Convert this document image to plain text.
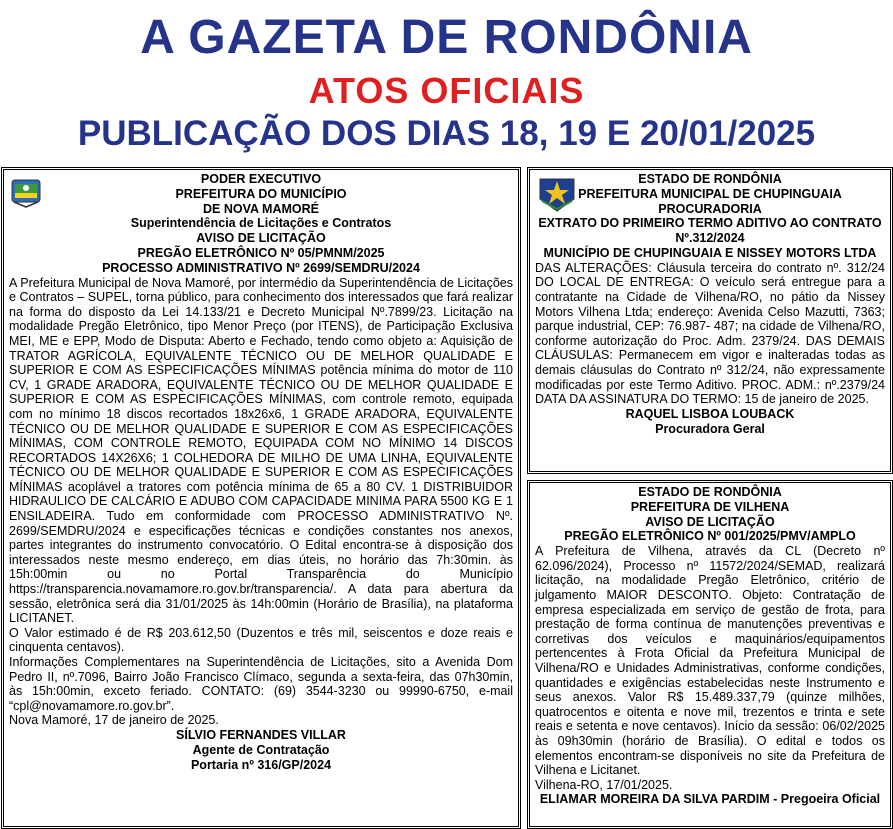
A GAZETA DE RONDÔNIA
ATOS OFICIAIS
PUBLICAÇÃO DOS DIAS 18, 19 E 20/01/2025
PODER EXECUTIVO
PREFEITURA DO MUNICÍPIO
DE NOVA MAMORÉ
Superintendência de Licitações e Contratos
AVISO DE LICITAÇÃO
PREGÃO ELETRÔNICO Nº 05/PMNM/2025
PROCESSO ADMINISTRATIVO Nº 2699/SEMDRU/2024

A Prefeitura Municipal de Nova Mamoré, por intermédio da Superintendência de Licitações e Contratos – SUPEL, torna público, para conhecimento dos interessados que fará realizar na forma do disposto da Lei 14.133/21 e Decreto Municipal Nº.7899/23. Licitação na modalidade Pregão Eletrônico, tipo Menor Preço (por ITENS), de Participação Exclusiva MEI, ME e EPP, Modo de Disputa: Aberto e Fechado, tendo como objeto a: Aquisição de TRATOR AGRÍCOLA, EQUIVALENTE TÉCNICO OU DE MELHOR QUALIDADE E SUPERIOR E COM AS ESPECIFICAÇÕES MÍNIMAS potência mínima do motor de 110 CV, 1 GRADE ARADORA, EQUIVALENTE TÉCNICO OU DE MELHOR QUALIDADE E SUPERIOR E COM AS ESPECIFICAÇÕES MÍNIMAS, com controle remoto, equipada com no mínimo 18 discos recortados 18x26x6, 1 GRADE ARADORA, EQUIVALENTE TÉCNICO OU DE MELHOR QUALIDADE E SUPERIOR E COM AS ESPECIFICAÇÕES MÍNIMAS, COM CONTROLE REMOTO, EQUIPADA COM NO MÍNIMO 14 DISCOS RECORTADOS 14X26X6; 1 COLHEDORA DE MILHO DE UMA LINHA, EQUIVALENTE TÉCNICO OU DE MELHOR QUALIDADE E SUPERIOR E COM AS ESPECIFICAÇÕES MÍNIMAS acoplável a tratores com potência mínima de 65 a 80 CV. 1 DISTRIBUIDOR HIDRAULICO DE CALCÁRIO E ADUBO COM CAPACIDADE MINIMA PARA 5500 KG E 1 ENSILADEIRA. Tudo em conformidade com PROCESSO ADMINISTRATIVO Nº. 2699/SEMDRU/2024 e especificações técnicas e condições constantes nos anexos, partes integrantes do instrumento convocatório. O Edital encontra-se à disposição dos interessados neste mesmo endereço, em dias úteis, no horário das 7h:30min. às 15h:00min ou no Portal Transparência do Município https://transparencia.novamamore.ro.gov.br/transparencia/. A data para abertura da sessão, eletrônica será dia 31/01/2025 às 14h:00min (Horário de Brasília), na plataforma LICITANET.

O Valor estimado é de R$ 203.612,50 (Duzentos e três mil, seiscentos e doze reais e cinquenta centavos).

Informações Complementares na Superintendência de Licitações, sito a Avenida Dom Pedro II, nº.7096, Bairro João Francisco Clímaco, segunda a sexta-feira, das 07h30min, às 15h:00min, exceto feriado. CONTATO: (69) 3544-3230 ou 99990-6750, e-mail “cpl@novamamore.ro.gov.br”.

Nova Mamoré, 17 de janeiro de 2025.

SÍLVIO FERNANDES VILLAR
Agente de Contratação
Portaria nº 316/GP/2024
ESTADO DE RONDÔNIA
PREFEITURA MUNICIPAL DE CHUPINGUAIA
PROCURADORIA
EXTRATO DO PRIMEIRO TERMO ADITIVO AO CONTRATO Nº.312/2024
MUNICÍPIO DE CHUPINGUAIA E NISSEY MOTORS LTDA

DAS ALTERAÇÕES: Cláusula terceira do contrato nº. 312/24 DO LOCAL DE ENTREGA: O veículo será entregue para a contratante na Cidade de Vilhena/RO, no pátio da Nissey Motors Vilhena Ltda; endereço: Avenida Celso Mazutti, 7363; parque industrial, CEP: 76.987- 487; na cidade de Vilhena/RO, conforme autorização do Proc. Adm. 2379/24. DAS DEMAIS CLÁUSULAS: Permanecem em vigor e inalteradas todas as demais cláusulas do Contrato nº 312/24, não expressamente modificadas por este Termo Aditivo. PROC. ADM.: nº.2379/24 DATA DA ASSINATURA DO TERMO: 15 de janeiro de 2025.

RAQUEL LISBOA LOUBACK
Procuradora Geral
ESTADO DE RONDÔNIA
PREFEITURA DE VILHENA
AVISO DE LICITAÇÃO
PREGÃO ELETRÔNICO Nº 001/2025/PMV/AMPLO

A Prefeitura de Vilhena, através da CL (Decreto nº 62.096/2024), Processo nº 11572/2024/SEMAD, realizará licitação, na modalidade Pregão Eletrônico, critério de julgamento MAIOR DESCONTO. Objeto: Contratação de empresa especializada em serviço de gestão de frota, para prestação de forma contínua de manutenções preventivas e corretivas dos veículos e maquinários/equipamentos pertencentes à Frota Oficial da Prefeitura Municipal de Vilhena/RO e Unidades Administrativas, conforme condições, quantidades e exigências estabelecidas neste Instrumento e seus anexos. Valor R$ 15.489.337,79 (quinze milhões, quatrocentos e oitenta e nove mil, trezentos e trinta e sete reais e setenta e nove centavos). Início da sessão: 06/02/2025 às 09h30min (horário de Brasília). O edital e todos os elementos encontram-se disponíveis no site da Prefeitura de Vilhena e Licitanet.

Vilhena-RO, 17/01/2025.

ELIAMAR MOREIRA DA SILVA PARDIM - Pregoeira Oficial
